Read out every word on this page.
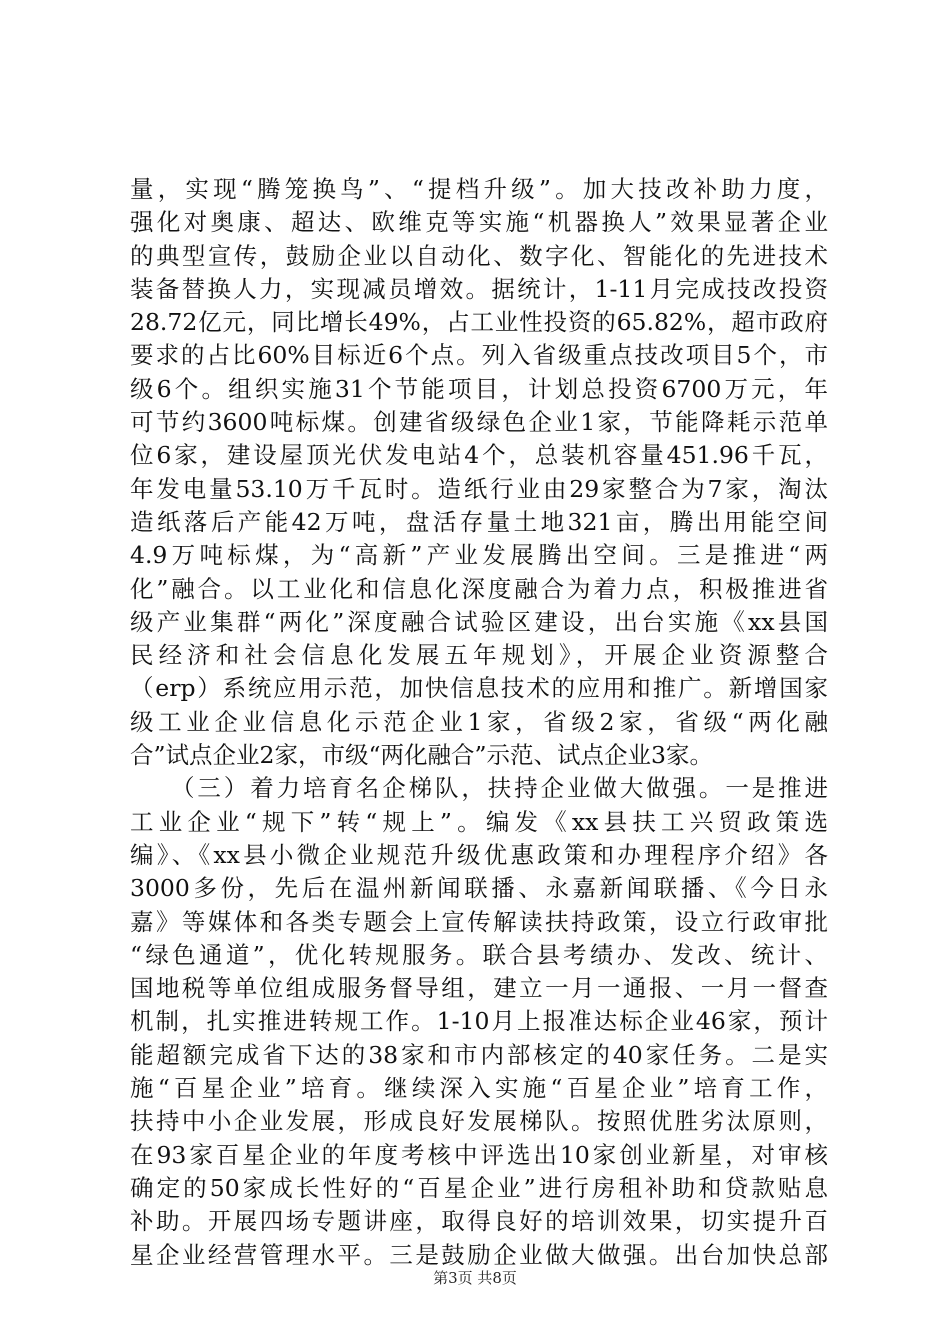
量，实现“腾笼换鸟”、“提档升级”。加大技改补助力度，
强化对奥康、超达、欧维克等实施“机器换人”效果显著企业
的典型宣传，鼓励企业以自动化、数字化、智能化的先进技术
装备替换人力，实现减员增效。据统计，1-11月完成技改投资
28.72亿元，同比增长49%，占工业性投资的65.82%，超市政府
要求的占比60%目标近6个点。列入省级重点技改项目5个，市
级6个。组织实施31个节能项目，计划总投资6700万元，年
可节约3600吨标煤。创建省级绿色企业1家，节能降耗示范单
位6家，建设屋顶光伏发电站4个，总装机容量451.96千瓦，
年发电量53.10万千瓦时。造纸行业由29家整合为7家，淘汰
造纸落后产能42万吨，盘活存量土地321亩，腾出用能空间
4.9万吨标煤，为“高新”产业发展腾出空间。三是推进“两
化”融合。以工业化和信息化深度融合为着力点，积极推进省
级产业集群“两化”深度融合试验区建设，出台实施《xx县国
民经济和社会信息化发展五年规划》，开展企业资源整合
（erp）系统应用示范，加快信息技术的应用和推广。新增国家
级工业企业信息化示范企业1家，省级2家，省级“两化融
合”试点企业2家，市级“两化融合”示范、试点企业3家。
　　（三）着力培育名企梯队，扶持企业做大做强。一是推进
工业企业“规下”转“规上”。编发《xx县扶工兴贸政策选
编》、《xx县小微企业规范升级优惠政策和办理程序介绍》各
3000多份，先后在温州新闻联播、永嘉新闻联播、《今日永
嘉》等媒体和各类专题会上宣传解读扶持政策，设立行政审批
“绿色通道”，优化转规服务。联合县考绩办、发改、统计、
国地税等单位组成服务督导组，建立一月一通报、一月一督查
机制，扎实推进转规工作。1-10月上报准达标企业46家，预计
能超额完成省下达的38家和市内部核定的40家任务。二是实
施“百星企业”培育。继续深入实施“百星企业”培育工作，
扶持中小企业发展，形成良好发展梯队。按照优胜劣汰原则，
在93家百星企业的年度考核中评选出10家创业新星，对审核
确定的50家成长性好的“百星企业”进行房租补助和贷款贴息
补助。开展四场专题讲座，取得良好的培训效果，切实提升百
星企业经营管理水平。三是鼓励企业做大做强。出台加快总部
第3页 共8页
